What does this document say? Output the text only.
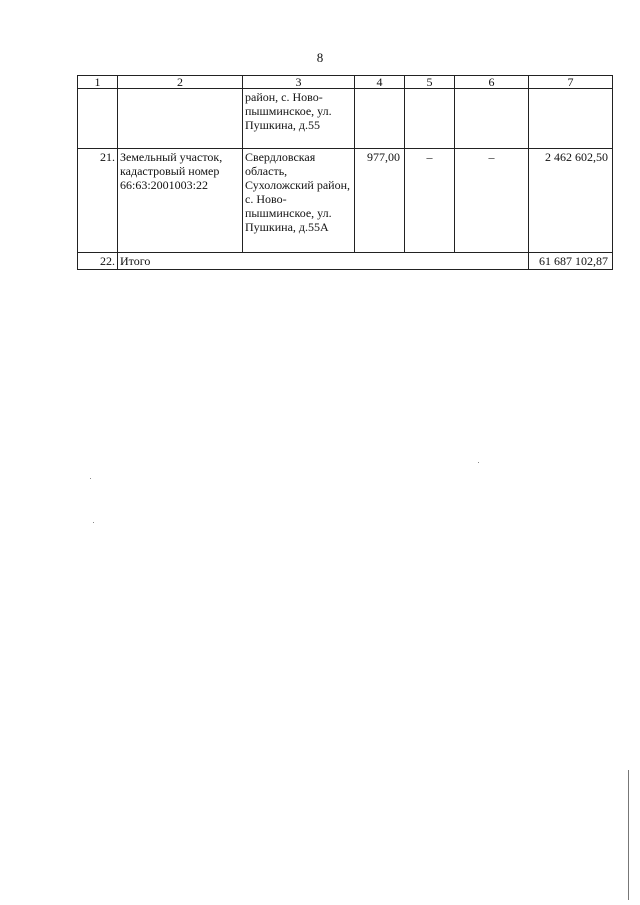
8
1	2	3	4	5	6	7
		район, с. Ново-пышминское, ул. Пушкина, д.55				
21.	Земельный участок, кадастровый номер 66:63:2001003:22	Свердловская область, Сухоложский район, с. Ново-пышминское, ул. Пушкина, д.55А	977,00	–	–	2 462 602,50
22.	Итого					61 687 102,87
